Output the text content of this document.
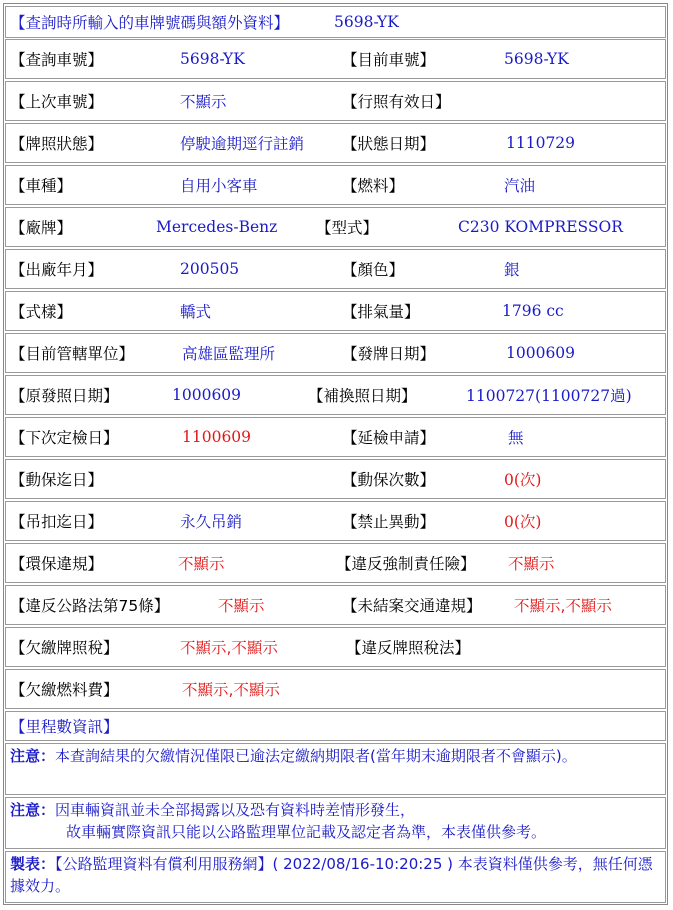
【查詢時所輸入的車牌號碼與額外資料】	5698-YK
【查詢車號】	5698-YK	【目前車號】	5698-YK
【上次車號】	不顯示	【行照有效日】
【牌照狀態】	停駛逾期逕行註銷 【狀態日期】	1110729
【車種】	自用小客車	【燃料】	汽油
【廠牌】	Mercedes-Benz 【型式】	C230 KOMPRESSOR
【出廠年月】	200505	【顏色】	銀
【式樣】	轎式	【排氣量】	1796 cc
【目前管轄單位】	高雄區監理所	【發牌日期】	1000609
【原發照日期】	1000609	【補換照日期】	1100727(1100727過)
【下次定檢日】	1100609	【延檢申請】	無
【動保迄日】	【動保次數】	0(次)
【吊扣迄日】	永久吊銷	【禁止異動】	0(次)
【環保違規】	不顯示	【違反強制責任險】 不顯示
【違反公路法第75條】	不顯示	【未結案交通違規】 不顯示,不顯示
【欠繳牌照稅】	不顯示,不顯示	【違反牌照稅法】
【欠繳燃料費】	不顯示,不顯示
【里程數資訊】
注意：本查詢結果的欠繳情況僅限已逾法定繳納期限者(當年期末逾期限者不會顯示)。
注意：因車輛資訊並未全部揭露以及恐有資料時差情形發生，
故車輛實際資訊只能以公路監理單位記載及認定者為準，本表僅供參考。
製表：【公路監理資料有償利用服務網】( 2022/08/16-10:20:25 ) 本表資料僅供參考，無任何憑據效力。
